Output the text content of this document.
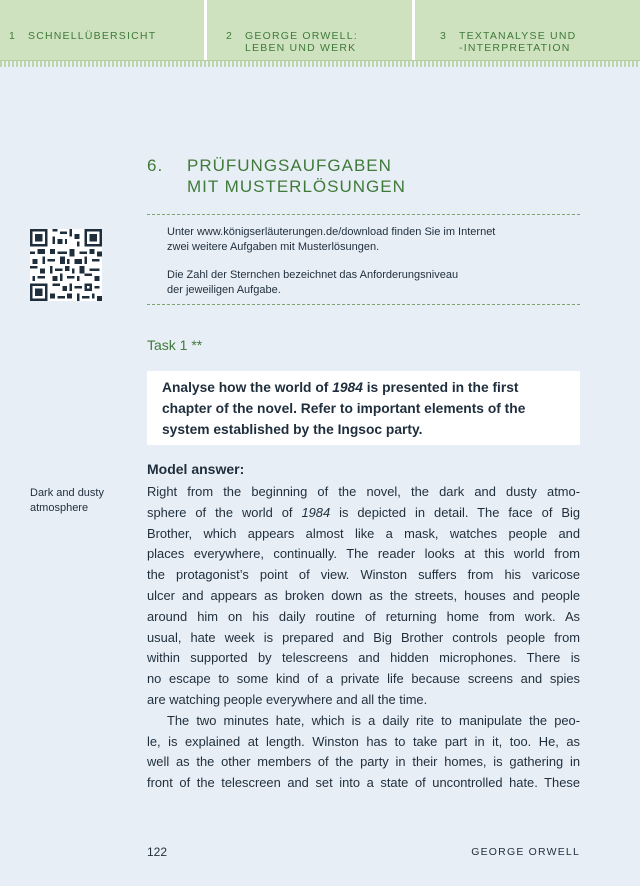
1	SCHNELLÜBERSICHT	2	GEORGE ORWELL:
LEBEN UND WERK
3	TEXTANALYSE UND
-INTERPRETATION
6. PRÜFUNGSAUFGABEN
MIT MUSTERLÖSUNGEN
Unter www.königserläuterungen.de/download finden Sie im Internet
zwei weitere Aufgaben mit Musterlösungen.
Die Zahl der Sternchen bezeichnet das Anforderungsniveau
der jeweiligen Aufgabe.
Task 1 **
Analyse how the world of 1984 is presented in the first
chapter of the novel. Refer to important elements of the
system established by the Ingsoc party.
Model answer:
Dark and dusty atmosphere
Right from the beginning of the novel, the dark and dusty atmo-
sphere of the world of 1984 is depicted in detail. The face of Big
Brother, which appears almost like a mask, watches people and
places everywhere, continually. The reader looks at this world from
the protagonist’s point of view. Winston suffers from his varicose
ulcer and appears as broken down as the streets, houses and people
around him on his daily routine of returning home from work. As
usual, hate week is prepared and Big Brother controls people from
within supported by telescreens and hidden microphones. There is
no escape to some kind of a private life because screens and spies
are watching people everywhere and all the time.
The two minutes hate, which is a daily rite to manipulate the peo-
le, is explained at length. Winston has to take part in it, too. He, as
well as the other members of the party in their homes, is gathering in
front of the telescreen and set into a state of uncontrolled hate. These
122	GEORGE ORWELL
